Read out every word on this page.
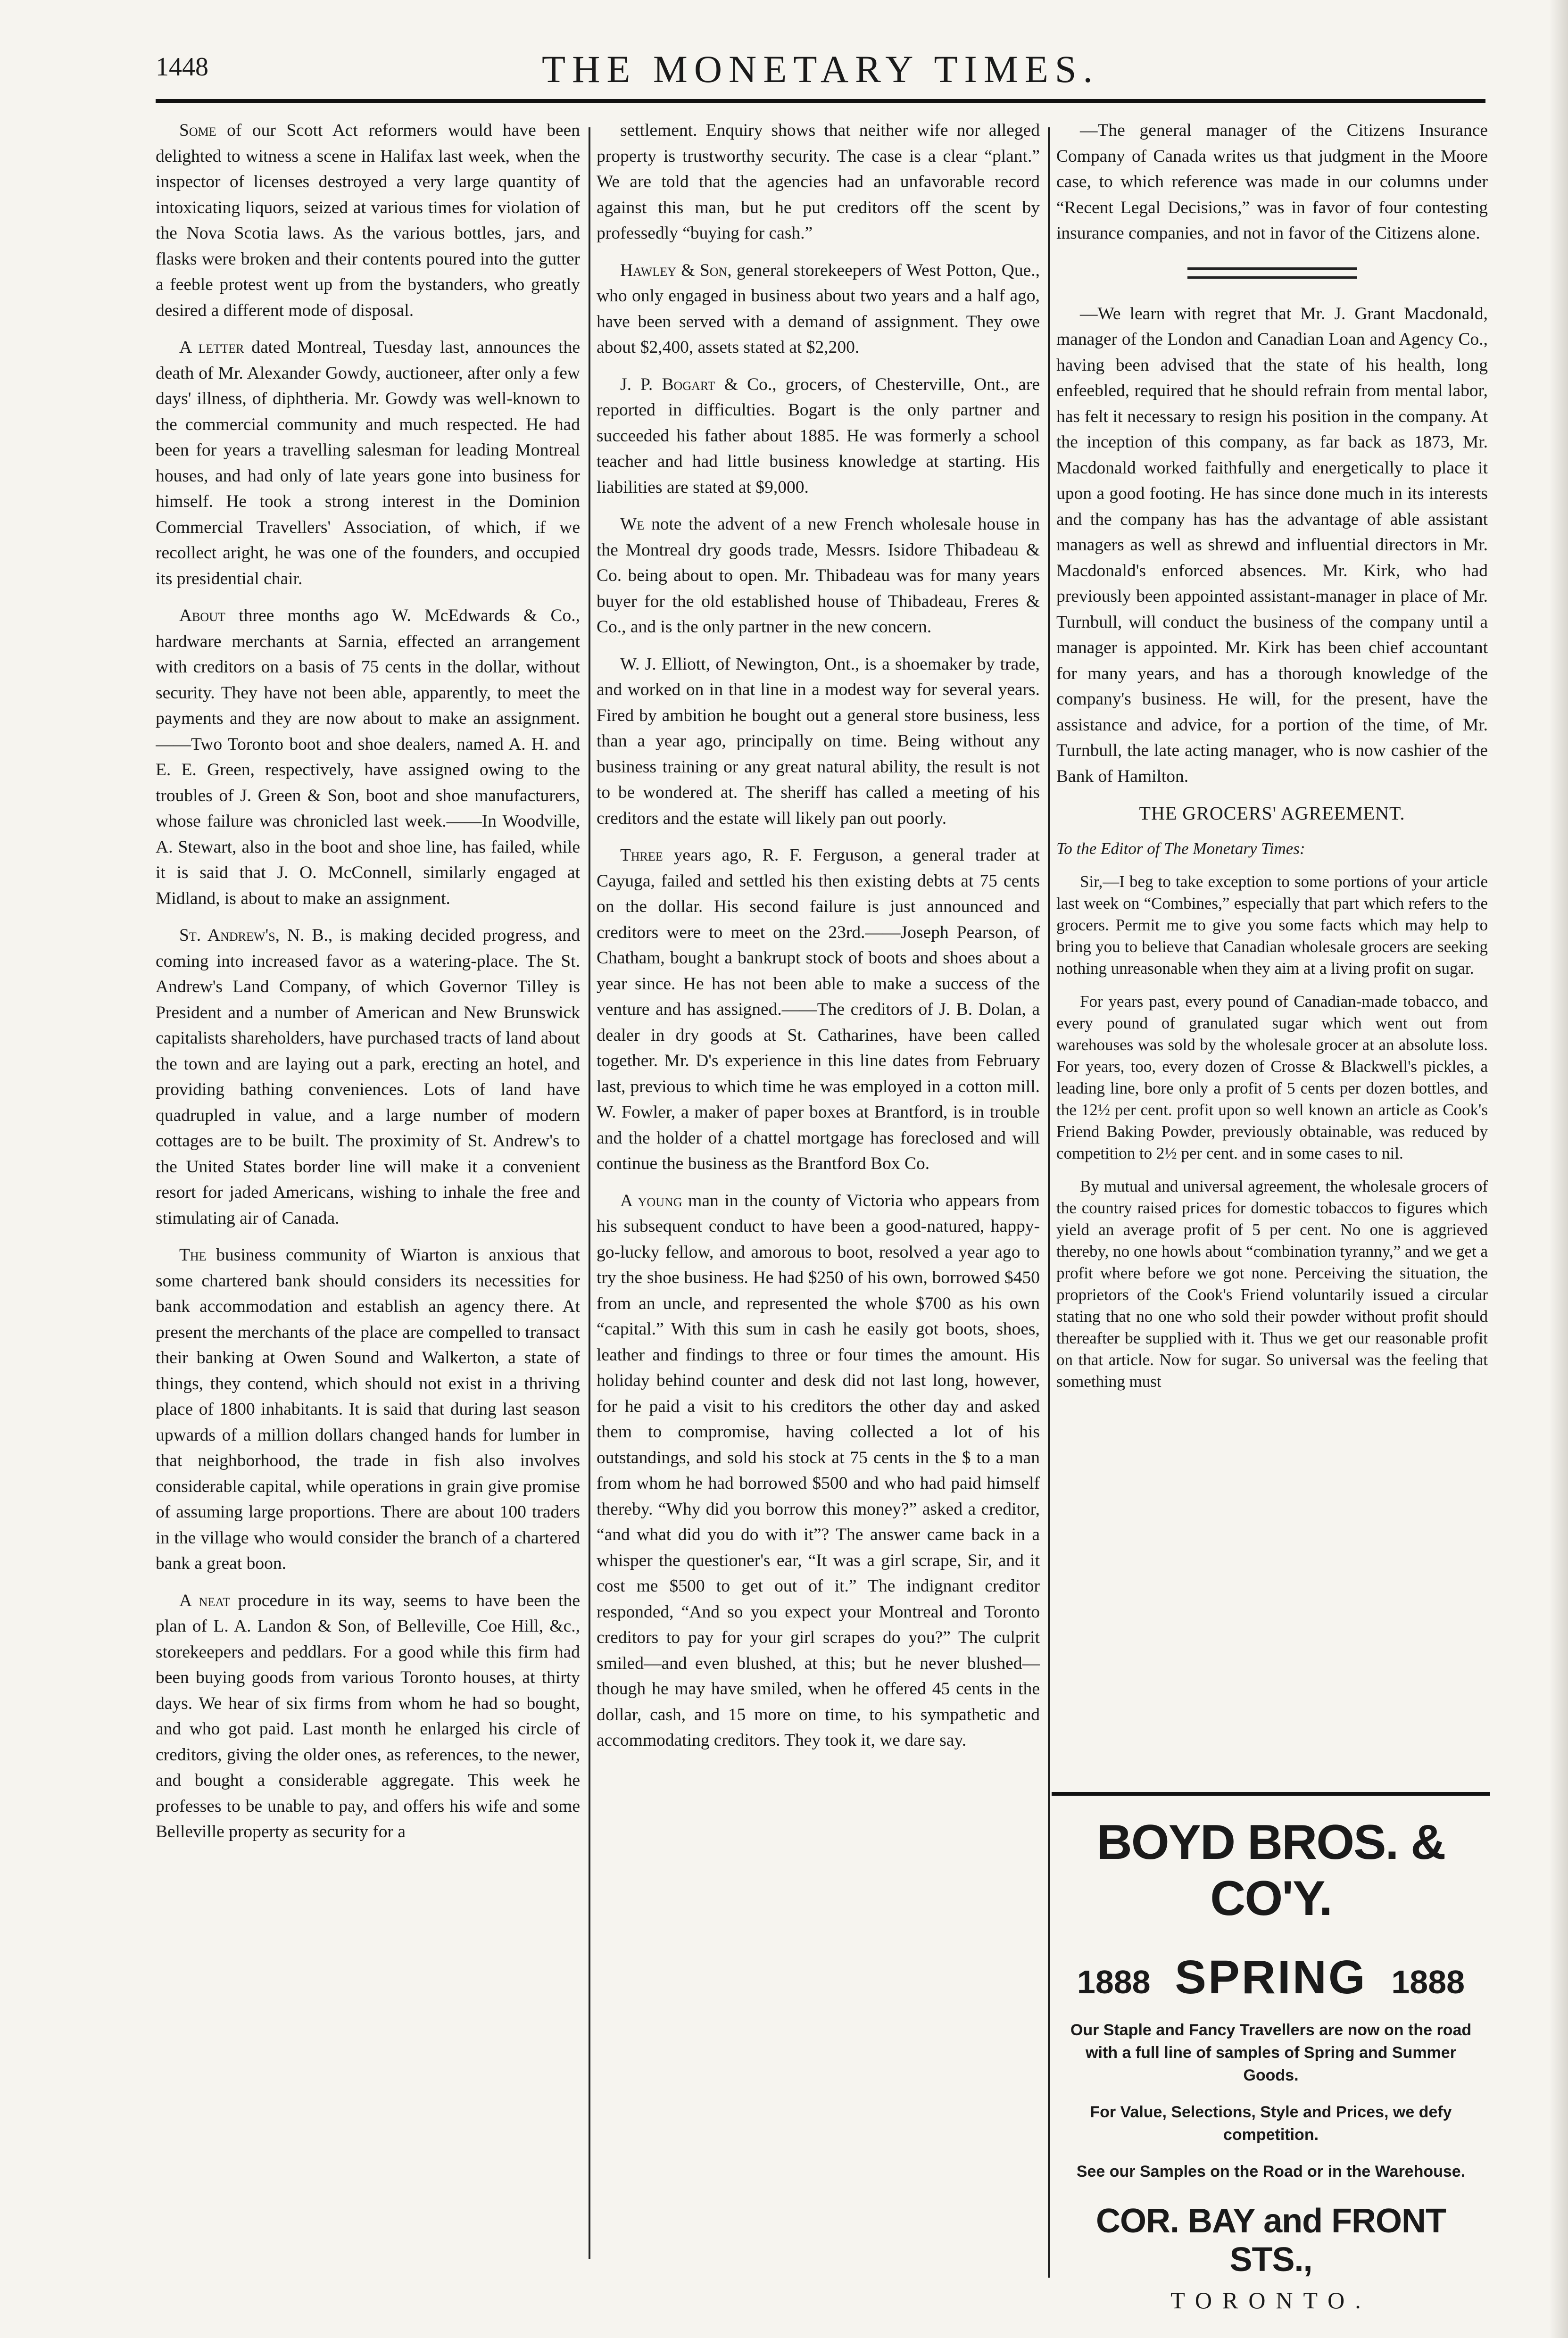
1448	THE MONETARY TIMES.

Some of our Scott Act reformers would have been delighted to witness a scene in Halifax last week, when the inspector of licenses destroyed a very large quantity of intoxicating liquors, seized at various times for violation of the Nova Scotia laws. As the various bottles, jars, and flasks were broken and their contents poured into the gutter a feeble protest went up from the bystanders, who greatly desired a different mode of disposal.

A letter dated Montreal, Tuesday last, announces the death of Mr. Alexander Gowdy, auctioneer, after only a few days' illness, of diphtheria. Mr. Gowdy was well-known to the commercial community and much respected. He had been for years a travelling salesman for leading Montreal houses, and had only of late years gone into business for himself. He took a strong interest in the Dominion Commercial Travellers' Association, of which, if we recollect aright, he was one of the founders, and occupied its presidential chair.

About three months ago W. McEdwards & Co., hardware merchants at Sarnia, effected an arrangement with creditors on a basis of 75 cents in the dollar, without security. They have not been able, apparently, to meet the payments and they are now about to make an assignment.——Two Toronto boot and shoe dealers, named A. H. and E. E. Green, respectively, have assigned owing to the troubles of J. Green & Son, boot and shoe manufacturers, whose failure was chronicled last week.——In Woodville, A. Stewart, also in the boot and shoe line, has failed, while it is said that J. O. McConnell, similarly engaged at Midland, is about to make an assignment.

St. Andrew's, N. B., is making decided progress, and coming into increased favor as a watering-place. The St. Andrew's Land Company, of which Governor Tilley is President and a number of American and New Brunswick capitalists shareholders, have purchased tracts of land about the town and are laying out a park, erecting an hotel, and providing bathing conveniences. Lots of land have quadrupled in value, and a large number of modern cottages are to be built. The proximity of St. Andrew's to the United States border line will make it a convenient resort for jaded Americans, wishing to inhale the free and stimulating air of Canada.

The business community of Wiarton is anxious that some chartered bank should considers its necessities for bank accommodation and establish an agency there. At present the merchants of the place are compelled to transact their banking at Owen Sound and Walkerton, a state of things, they contend, which should not exist in a thriving place of 1800 inhabitants. It is said that during last season upwards of a million dollars changed hands for lumber in that neighborhood, the trade in fish also involves considerable capital, while operations in grain give promise of assuming large proportions. There are about 100 traders in the village who would consider the branch of a chartered bank a great boon.

A neat procedure in its way, seems to have been the plan of L. A. Landon & Son, of Belleville, Coe Hill, &c., storekeepers and peddlars. For a good while this firm had been buying goods from various Toronto houses, at thirty days. We hear of six firms from whom he had so bought, and who got paid. Last month he enlarged his circle of creditors, giving the older ones, as references, to the newer, and bought a considerable aggregate. This week he professes to be unable to pay, and offers his wife and some Belleville property as security for a

settlement. Enquiry shows that neither wife nor alleged property is trustworthy security. The case is a clear “plant.” We are told that the agencies had an unfavorable record against this man, but he put creditors off the scent by professedly “buying for cash.”

Hawley & Son, general storekeepers of West Potton, Que., who only engaged in business about two years and a half ago, have been served with a demand of assignment. They owe about $2,400, assets stated at $2,200.

J. P. Bogart & Co., grocers, of Chesterville, Ont., are reported in difficulties. Bogart is the only partner and succeeded his father about 1885. He was formerly a school teacher and had little business knowledge at starting. His liabilities are stated at $9,000.

We note the advent of a new French wholesale house in the Montreal dry goods trade, Messrs. Isidore Thibadeau & Co. being about to open. Mr. Thibadeau was for many years buyer for the old established house of Thibadeau, Freres & Co., and is the only partner in the new concern.

W. J. Elliott, of Newington, Ont., is a shoemaker by trade, and worked on in that line in a modest way for several years. Fired by ambition he bought out a general store business, less than a year ago, principally on time. Being without any business training or any great natural ability, the result is not to be wondered at. The sheriff has called a meeting of his creditors and the estate will likely pan out poorly.

Three years ago, R. F. Ferguson, a general trader at Cayuga, failed and settled his then existing debts at 75 cents on the dollar. His second failure is just announced and creditors were to meet on the 23rd.——Joseph Pearson, of Chatham, bought a bankrupt stock of boots and shoes about a year since. He has not been able to make a success of the venture and has assigned.——The creditors of J. B. Dolan, a dealer in dry goods at St. Catharines, have been called together. Mr. D's experience in this line dates from February last, previous to which time he was employed in a cotton mill. W. Fowler, a maker of paper boxes at Brantford, is in trouble and the holder of a chattel mortgage has foreclosed and will continue the business as the Brantford Box Co.

A young man in the county of Victoria who appears from his subsequent conduct to have been a good-natured, happy-go-lucky fellow, and amorous to boot, resolved a year ago to try the shoe business. He had $250 of his own, borrowed $450 from an uncle, and represented the whole $700 as his own “capital.” With this sum in cash he easily got boots, shoes, leather and findings to three or four times the amount. His holiday behind counter and desk did not last long, however, for he paid a visit to his creditors the other day and asked them to compromise, having collected a lot of his outstandings, and sold his stock at 75 cents in the $ to a man from whom he had borrowed $500 and who had paid himself thereby. “Why did you borrow this money?” asked a creditor, “and what did you do with it”? The answer came back in a whisper the questioner's ear, “It was a girl scrape, Sir, and it cost me $500 to get out of it.” The indignant creditor responded, “And so you expect your Montreal and Toronto creditors to pay for your girl scrapes do you?” The culprit smiled—and even blushed, at this; but he never blushed—though he may have smiled, when he offered 45 cents in the dollar, cash, and 15 more on time, to his sympathetic and accommodating creditors. They took it, we dare say.

—The general manager of the Citizens Insurance Company of Canada writes us that judgment in the Moore case, to which reference was made in our columns under “Recent Legal Decisions,” was in favor of four contesting insurance companies, and not in favor of the Citizens alone.

—We learn with regret that Mr. J. Grant Macdonald, manager of the London and Canadian Loan and Agency Co., having been advised that the state of his health, long enfeebled, required that he should refrain from mental labor, has felt it necessary to resign his position in the company. At the inception of this company, as far back as 1873, Mr. Macdonald worked faithfully and energetically to place it upon a good footing. He has since done much in its interests and the company has has the advantage of able assistant managers as well as shrewd and influential directors in Mr. Macdonald's enforced absences. Mr. Kirk, who had previously been appointed assistant-manager in place of Mr. Turnbull, will conduct the business of the company until a manager is appointed. Mr. Kirk has been chief accountant for many years, and has a thorough knowledge of the company's business. He will, for the present, have the assistance and advice, for a portion of the time, of Mr. Turnbull, the late acting manager, who is now cashier of the Bank of Hamilton.

THE GROCERS' AGREEMENT.

To the Editor of The Monetary Times:

Sir,—I beg to take exception to some portions of your article last week on “Combines,” especially that part which refers to the grocers. Permit me to give you some facts which may help to bring you to believe that Canadian wholesale grocers are seeking nothing unreasonable when they aim at a living profit on sugar.

For years past, every pound of Canadian-made tobacco, and every pound of granulated sugar which went out from warehouses was sold by the wholesale grocer at an absolute loss. For years, too, every dozen of Crosse & Blackwell's pickles, a leading line, bore only a profit of 5 cents per dozen bottles, and the 12½ per cent. profit upon so well known an article as Cook's Friend Baking Powder, previously obtainable, was reduced by competition to 2½ per cent. and in some cases to nil.

By mutual and universal agreement, the wholesale grocers of the country raised prices for domestic tobaccos to figures which yield an average profit of 5 per cent. No one is aggrieved thereby, no one howls about “combination tyranny,” and we get a profit where before we got none. Perceiving the situation, the proprietors of the Cook's Friend voluntarily issued a circular stating that no one who sold their powder without profit should thereafter be supplied with it. Thus we get our reasonable profit on that article. Now for sugar. So universal was the feeling that something must

BOYD BROS. & CO'Y.
1888 SPRING 1888
Our Staple and Fancy Travellers are now on the road with a full line of samples of Spring and Summer Goods.
For Value, Selections, Style and Prices, we defy competition.
See our Samples on the Road or in the Warehouse.
COR. BAY and FRONT STS.,
TORONTO.
